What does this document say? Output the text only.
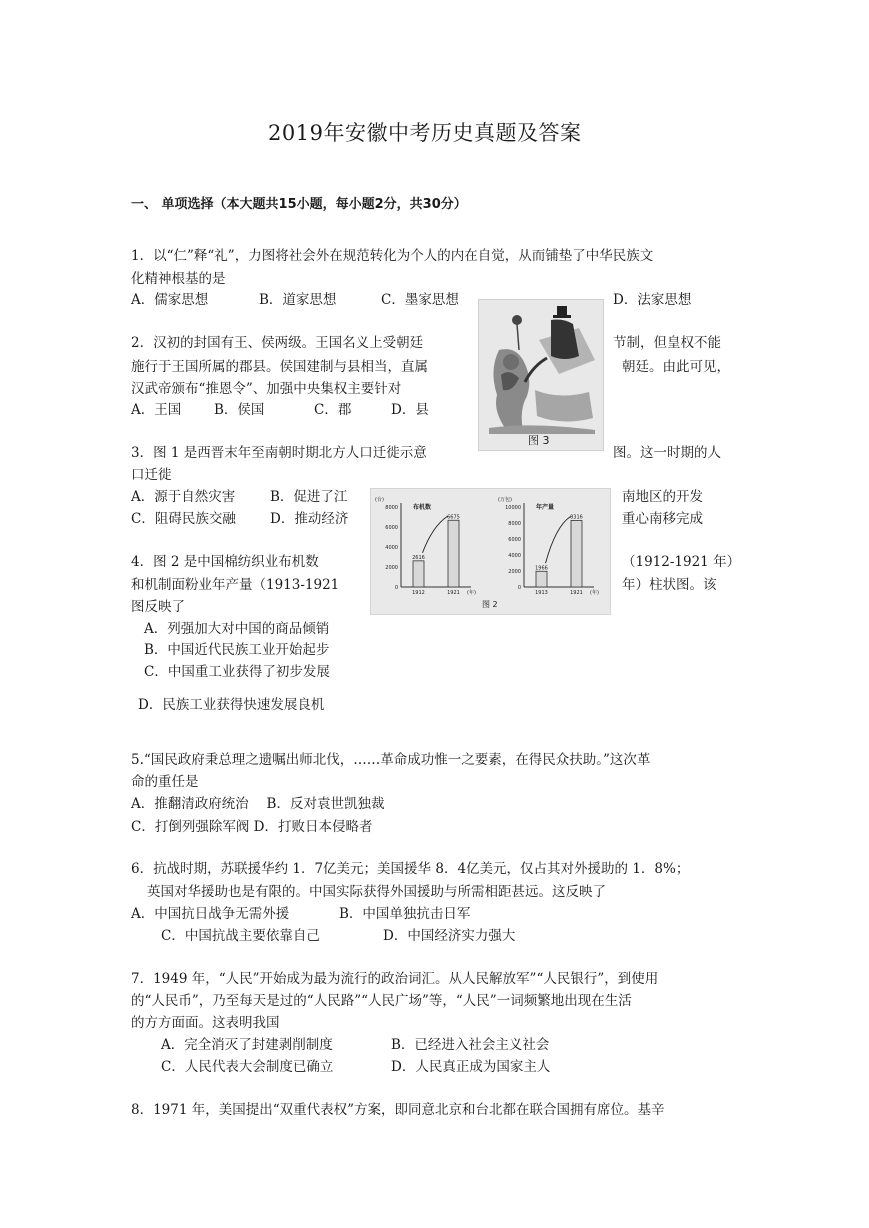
2019年安徽中考历史真题及答案
一、 单项选择（本大题共15小题，每小题2分，共30分）
1．以“仁”释“礼”，力图将社会外在规范转化为个人的内在自觉，从而铺垫了中华民族文
化精神根基的是
A．儒家思想	B．道家思想	C．墨家思想	D．法家思想
图 3
2．汉初的封国有王、侯两级。王国名义上受朝廷	节制，但皇权不能
施行于王国所属的郡县。侯国建制与县相当，直属	朝廷。由此可见，
汉武帝颁布“推恩令”、加强中央集权主要针对
A．王国 B．侯国	C．郡	D．县
3．图 1 是西晋末年至南朝时期北方人口迁徙示意	图。这一时期的人
口迁徙
A．源于自然灾害	B．促进了江	南地区的开发
C．阻碍民族交融	D．推动经济	重心南移完成
(台)
布机数
0
2000
4000
6000
8000
2616
1912
6675
1921 (年)
(万包)
年产量
0
2000
4000
6000
8000
10000
1966
1913
8316
1921 (年)
图 2
4．图 2 是中国棉纺织业布机数	（1912-1921 年）
和机制面粉业年产量（1913-1921	年）柱状图。该
图反映了
A．列强加大对中国的商品倾销
B．中国近代民族工业开始起步
C．中国重工业获得了初步发展
D．民族工业获得快速发展良机
5.“国民政府秉总理之遗嘱出师北伐，……革命成功惟一之要素，在得民众扶助。”这次革
命的重任是
A．推翻清政府统治　 B．反对袁世凯独裁
C．打倒列强除军阀 D．打败日本侵略者
6．抗战时期，苏联援华约 1．7亿美元；美国援华 8．4亿美元，仅占其对外援助的 1．8%；
英国对华援助也是有限的。中国实际获得外国援助与所需相距甚远。这反映了
A．中国抗日战争无需外援	B．中国单独抗击日军
C．中国抗战主要依靠自己	D．中国经济实力强大
7．1949 年，“人民”开始成为最为流行的政治词汇。从人民解放军”“人民银行”，到使用
的“人民币”，乃至每天是过的“人民路”“人民广场”等，“人民”一词频繁地出现在生活
的方方面面。这表明我国
A．完全消灭了封建剥削制度	B．已经进入社会主义社会
C．人民代表大会制度已确立	D．人民真正成为国家主人
8．1971 年，美国提出“双重代表权”方案，即同意北京和台北都在联合国拥有席位。基辛
